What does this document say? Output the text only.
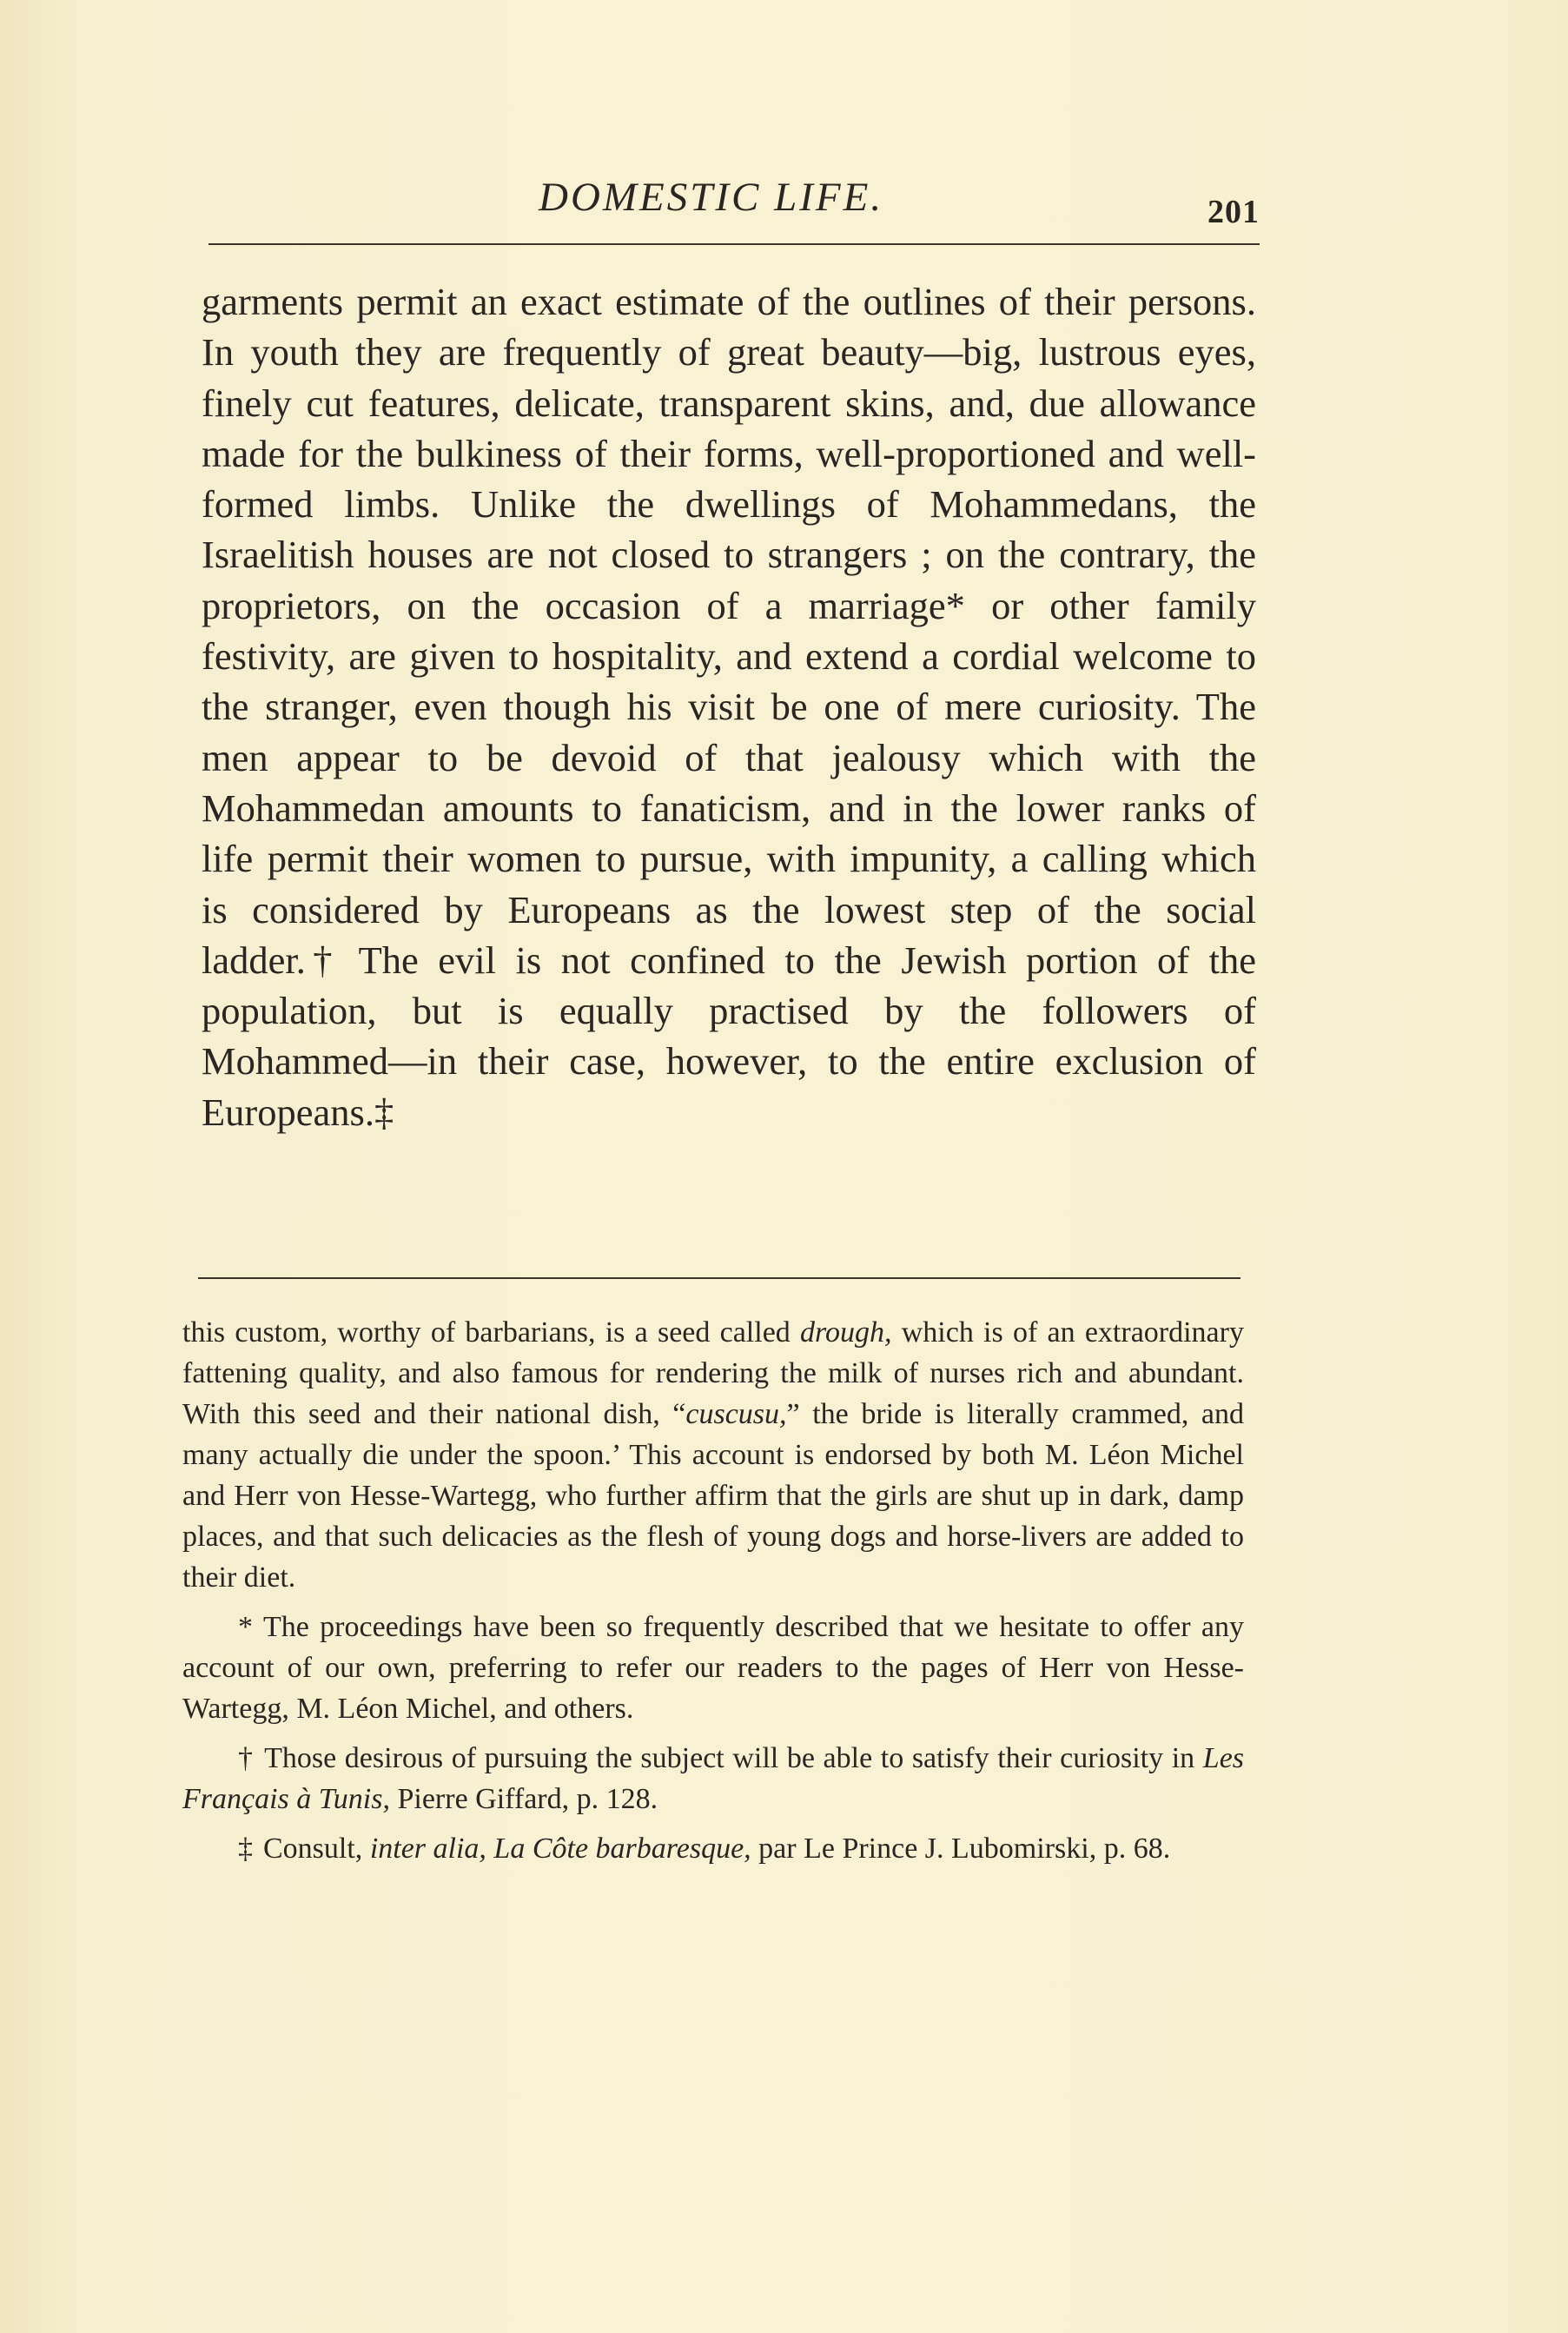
DOMESTIC LIFE.	201

garments permit an exact estimate of the outlines of their persons. In youth they are frequently of great beauty—big, lustrous eyes, finely cut features, delicate, transparent skins, and, due allowance made for the bulkiness of their forms, well-proportioned and well-formed limbs. Unlike the dwellings of Mohammedans, the Israelitish houses are not closed to strangers ; on the contrary, the proprietors, on the occasion of a marriage* or other family festivity, are given to hospitality, and extend a cordial welcome to the stranger, even though his visit be one of mere curiosity. The men appear to be devoid of that jealousy which with the Mohammedan amounts to fanaticism, and in the lower ranks of life permit their women to pursue, with impunity, a calling which is considered by Europeans as the lowest step of the social ladder.† The evil is not confined to the Jewish portion of the population, but is equally practised by the followers of Mohammed—in their case, however, to the entire exclusion of Europeans.‡

this custom, worthy of barbarians, is a seed called drough, which is of an extraordinary fattening quality, and also famous for rendering the milk of nurses rich and abundant. With this seed and their national dish, “cuscusu,” the bride is literally crammed, and many actually die under the spoon.’ This account is endorsed by both M. Léon Michel and Herr von Hesse-Wartegg, who further affirm that the girls are shut up in dark, damp places, and that such delicacies as the flesh of young dogs and horse-livers are added to their diet.

* The proceedings have been so frequently described that we hesitate to offer any account of our own, preferring to refer our readers to the pages of Herr von Hesse-Wartegg, M. Léon Michel, and others.

† Those desirous of pursuing the subject will be able to satisfy their curiosity in Les Français à Tunis, Pierre Giffard, p. 128.

‡ Consult, inter alia, La Côte barbaresque, par Le Prince J. Lubomirski, p. 68.
